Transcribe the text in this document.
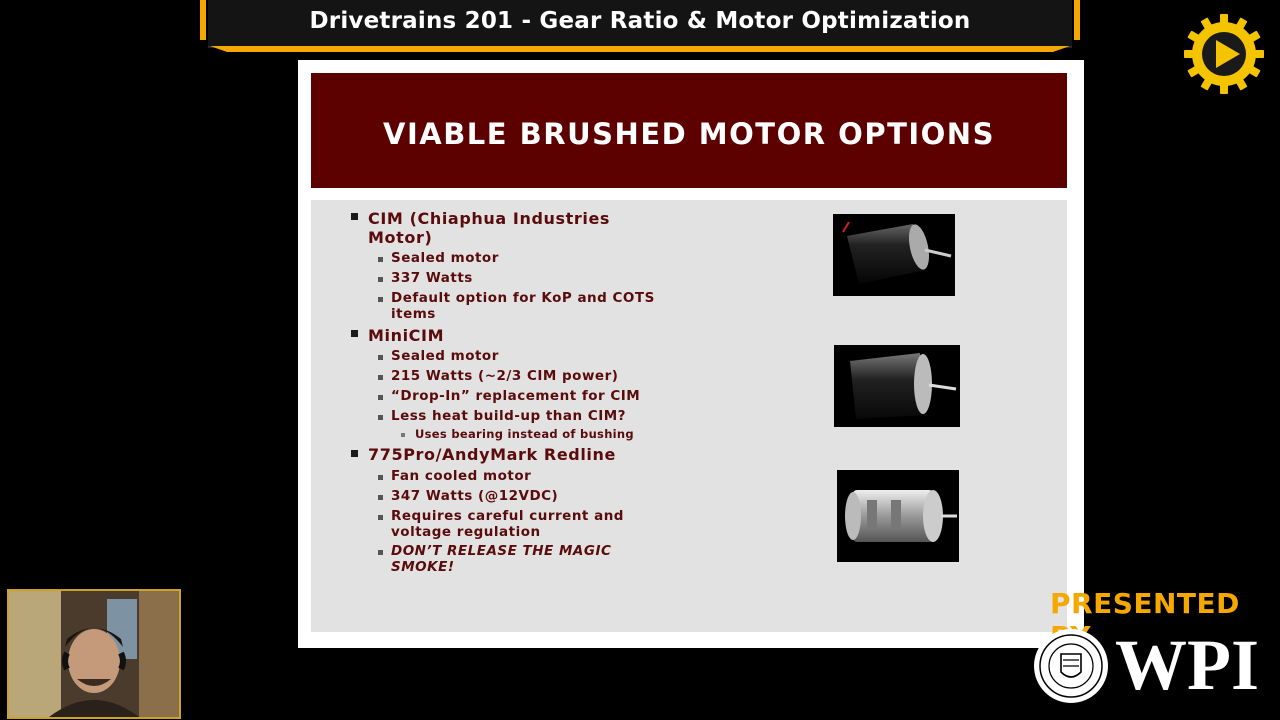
Drivetrains 201 - Gear Ratio & Motor Optimization
VIABLE BRUSHED MOTOR OPTIONS
CIM (Chiaphua Industries
Motor)
Sealed motor
337 Watts
Default option for KoP and COTS
items
MiniCIM
Sealed motor
215 Watts (~2/3 CIM power)
“Drop-In” replacement for CIM
Less heat build-up than CIM?
Uses bearing instead of bushing
775Pro/AndyMark Redline
Fan cooled motor
347 Watts (@12VDC)
Requires careful current and
voltage regulation
DON’T RELEASE THE MAGIC
SMOKE!
PRESENTED
WPI
